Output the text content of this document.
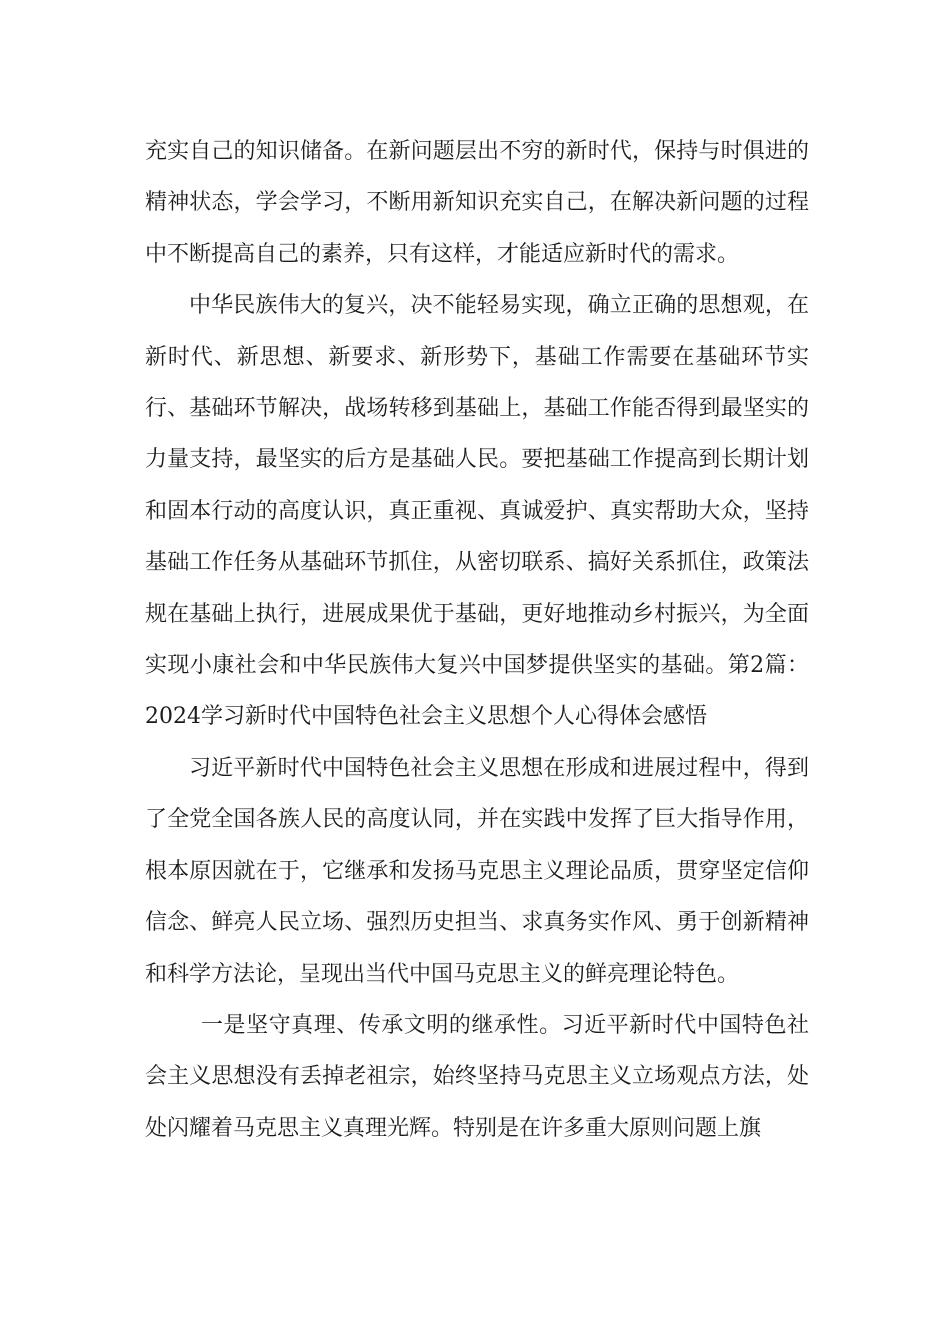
充实自己的知识储备。在新问题层出不穷的新时代，保持与时俱进的精神状态，学会学习，不断用新知识充实自己，在解决新问题的过程中不断提高自己的素养，只有这样，才能适应新时代的需求。

中华民族伟大的复兴，决不能轻易实现，确立正确的思想观，在新时代、新思想、新要求、新形势下，基础工作需要在基础环节实行、基础环节解决，战场转移到基础上，基础工作能否得到最坚实的力量支持，最坚实的后方是基础人民。要把基础工作提高到长期计划和固本行动的高度认识，真正重视、真诚爱护、真实帮助大众，坚持基础工作任务从基础环节抓住，从密切联系、搞好关系抓住，政策法规在基础上执行，进展成果优于基础，更好地推动乡村振兴，为全面实现小康社会和中华民族伟大复兴中国梦提供坚实的基础。第2篇：2024学习新时代中国特色社会主义思想个人心得体会感悟

习近平新时代中国特色社会主义思想在形成和进展过程中，得到了全党全国各族人民的高度认同，并在实践中发挥了巨大指导作用，根本原因就在于，它继承和发扬马克思主义理论品质，贯穿坚定信仰信念、鲜亮人民立场、强烈历史担当、求真务实作风、勇于创新精神和科学方法论，呈现出当代中国马克思主义的鲜亮理论特色。

一是坚守真理、传承文明的继承性。习近平新时代中国特色社会主义思想没有丢掉老祖宗，始终坚持马克思主义立场观点方法，处处闪耀着马克思主义真理光辉。特别是在许多重大原则问题上旗
